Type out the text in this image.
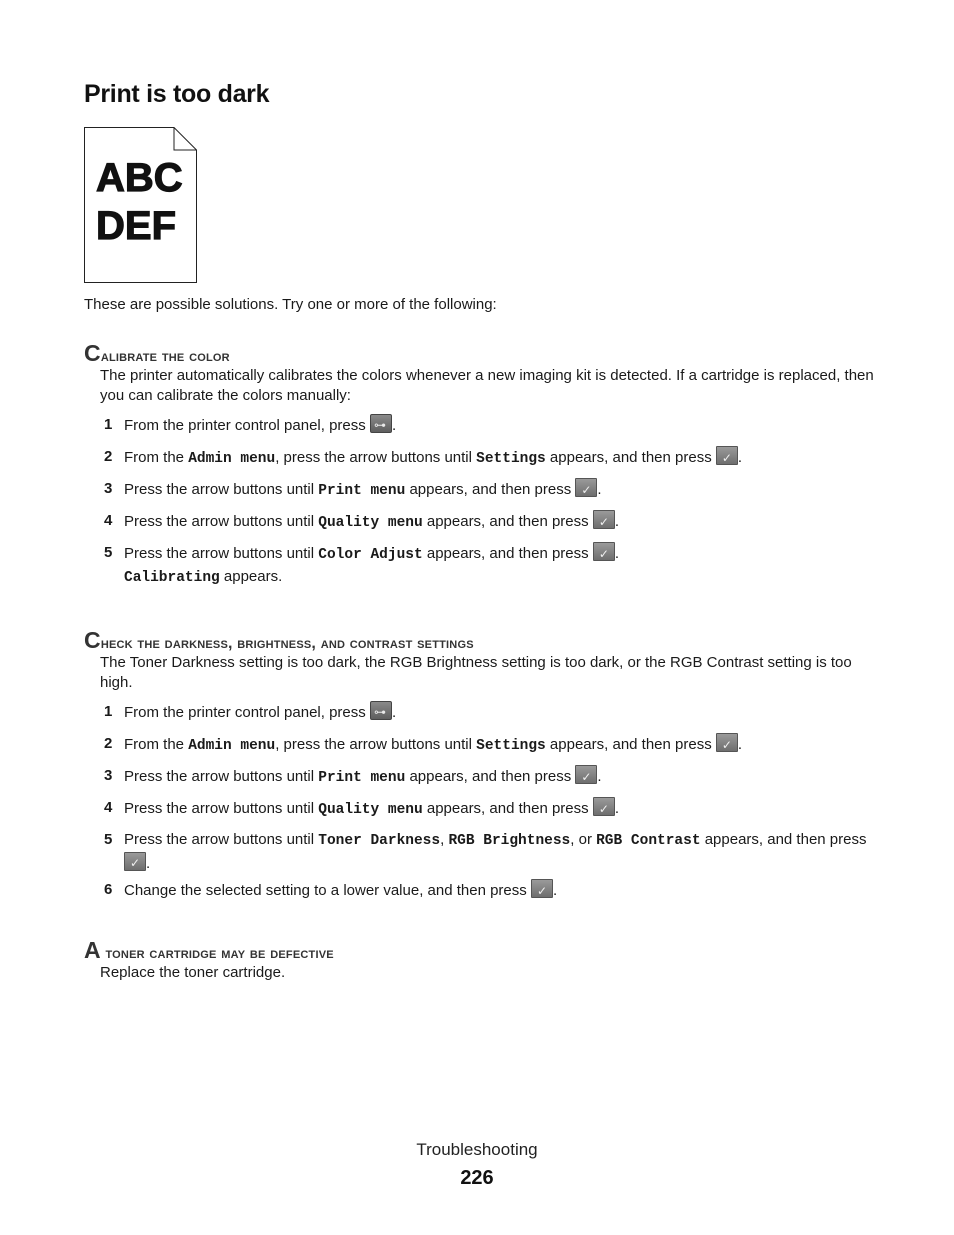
Print is too dark
ABC
DEF

These are possible solutions. Try one or more of the following:

Calibrate the color

The printer automatically calibrates the colors whenever a new imaging kit is detected. If a cartridge is replaced, then you can calibrate the colors manually:

1 From the printer control panel, press ⊶ .
2 From the Admin menu, press the arrow buttons until Settings appears, and then press ✓ .
3 Press the arrow buttons until Print menu appears, and then press ✓ .
4 Press the arrow buttons until Quality menu appears, and then press ✓ .
5 Press the arrow buttons until Color Adjust appears, and then press ✓ .

Calibrating appears.

Check the darkness, brightness, and contrast settings

The Toner Darkness setting is too dark, the RGB Brightness setting is too dark, or the RGB Contrast setting is too high.

1 From the printer control panel, press ⊶ .
2 From the Admin menu, press the arrow buttons until Settings appears, and then press ✓ .
3 Press the arrow buttons until Print menu appears, and then press ✓ .
4 Press the arrow buttons until Quality menu appears, and then press ✓ .
5 Press the arrow buttons until Toner Darkness, RGB Brightness, or RGB Contrast appears, and then press ✓.
6 Change the selected setting to a lower value, and then press ✓ .
A toner cartridge may be defective

Replace the toner cartridge.

Troubleshooting
226
